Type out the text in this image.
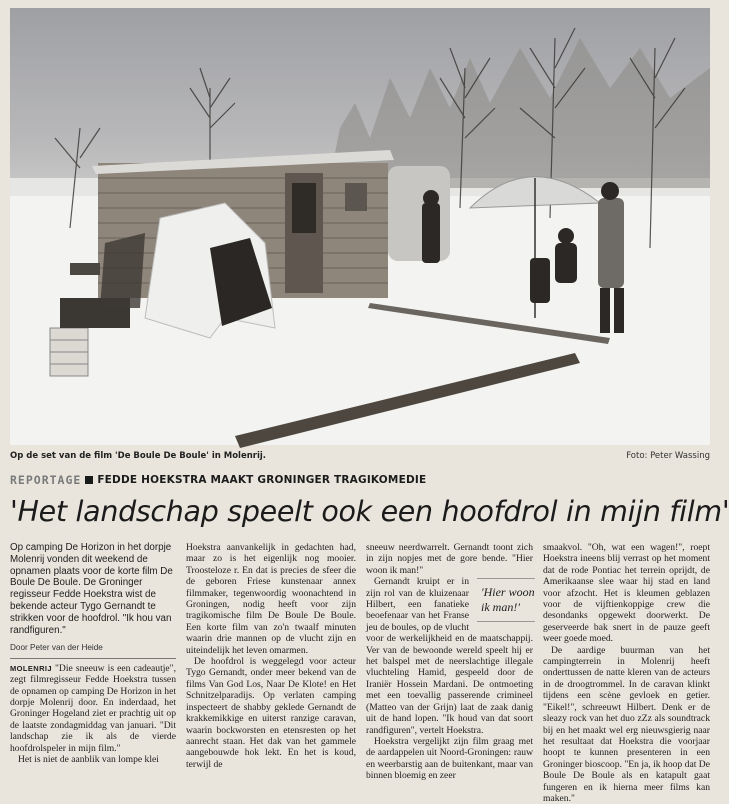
Op de set van de film 'De Boule De Boule' in Molenrij.	Foto: Peter Wassing
REPORTAGE FEDDE HOEKSTRA MAAKT GRONINGER TRAGIKOMEDIE
'Het landschap speelt ook een hoofdrol in mijn film'

Op camping De Horizon in het dorpje Molenrij vonden dit weekend de opnamen plaats voor de korte film De Boule De Boule. De Groninger regisseur Fedde Hoekstra wist de bekende acteur Tygo Gernandt te strikken voor de hoofdrol. "Ik hou van randfiguren."

Door Peter van der Heide

MOLENRIJ "Die sneeuw is een cadeautje", zegt filmregisseur Fedde Hoekstra tussen de opnamen op camping De Horizon in het dorpje Molenrij door. En inderdaad, het Groninger Hogeland ziet er prachtig uit op de laatste zondagmiddag van januari. "Dit landschap zie ik als de vierde hoofdrolspeler in mijn film."

Het is niet de aanblik van lompe klei

Hoekstra aanvankelijk in gedachten had, maar zo is het eigenlijk nog mooier. Troosteloze r. En dat is precies de sfeer die de geboren Friese kunstenaar annex filmmaker, tegenwoordig woonachtend in Groningen, nodig heeft voor zijn tragikomische film De Boule De Boule. Een korte film van zo'n twaalf minuten waarin drie mannen op de vlucht zijn en uiteindelijk het leven omarmen.

De hoofdrol is weggelegd voor acteur Tygo Gernandt, onder meer bekend van de films Van God Los, Naar De Klote! en Het Schnitzelparadijs. Op verlaten camping inspecteert de shabby geklede Gernandt de krakkemikkige en uiterst ranzige caravan, waarin bockworsten en etensresten op het aanrecht staan. Het dak van het gammele aangebouwde hok lekt. En het is koud, terwijl de

sneeuw neerdwarrelt. Gernandt toont zich in zijn nopjes met de gore bende. "Hier woon ik man!"

'Hier woon ik man!'

Gernandt kruipt er in zijn rol van de kluizenaar Hilbert, een fanatieke beoefenaar van het Franse jeu de boules, op de vlucht voor de werkelijkheid en de maatschappij. Ver van de bewoonde wereld speelt hij er het balspel met de neerslachtige illegale vluchteling Hamid, gespeeld door de Iraniër Hossein Mardani. De ontmoeting met een toevallig passerende crimineel (Matteo van der Grijn) laat de zaak danig uit de hand lopen. "Ik houd van dat soort randfiguren", vertelt Hoekstra.

Hoekstra vergelijkt zijn film graag met de aardappelen uit Noord-Groningen: rauw en weerbarstig aan de buitenkant, maar van binnen bloemig en zeer

smaakvol. "Oh, wat een wagen!", roept Hoekstra ineens blij verrast op het moment dat de rode Pontiac het terrein oprijdt, de Amerikaanse slee waar hij stad en land voor afzocht. Het is kleumen geblazen voor de vijftienkoppige crew die desondanks opgewekt doorwerkt. De geserveerde bak snert in de pauze geeft weer goede moed.

De aardige buurman van het campingterrein in Molenrij heeft onderttussen de natte kleren van de acteurs in de droogtrommel. In de caravan klinkt tijdens een scène gevloek en getier. "Eikel!", schreeuwt Hilbert. Denk er de sleazy rock van het duo zZz als soundtrack bij en het maakt wel erg nieuwsgierig naar het resultaat dat Hoekstra die voorjaar hoopt te kunnen presenteren in een Groninger bioscoop. "En ja, ik hoop dat De Boule De Boule als en katapult gaat fungeren en ik hierna meer films kan maken."
